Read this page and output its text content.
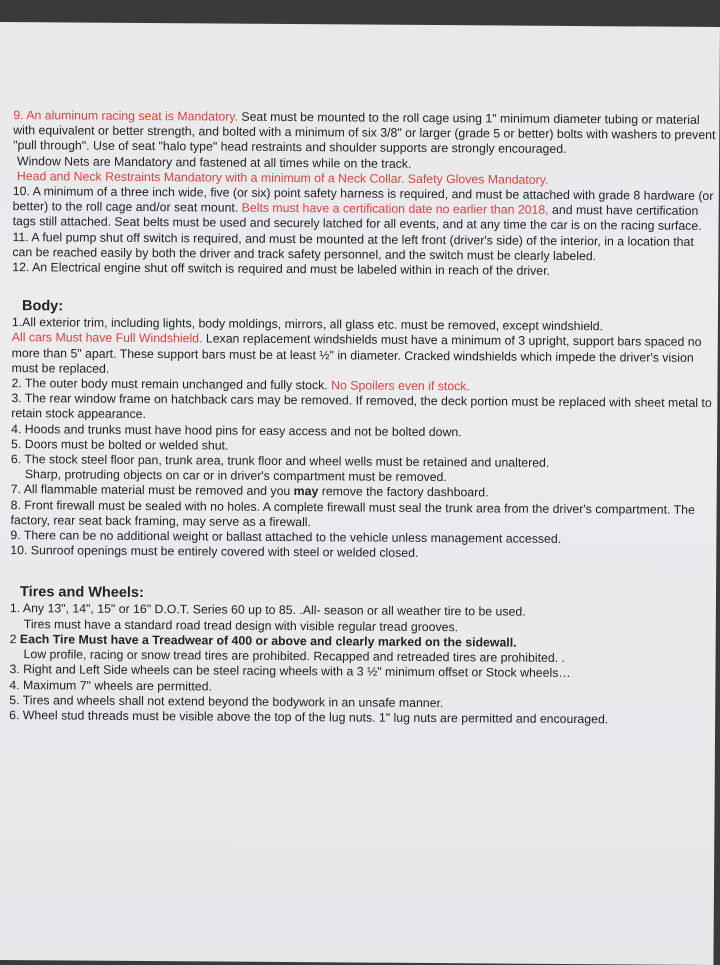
9. An aluminum racing seat is Mandatory. Seat must be mounted to the roll cage using 1" minimum diameter tubing or material with equivalent or better strength, and bolted with a minimum of six 3/8" or larger (grade 5 or better) bolts with washers to prevent "pull through". Use of seat "halo type" head restraints and shoulder supports are strongly encouraged.

Window Nets are Mandatory and fastened at all times while on the track.

Head and Neck Restraints Mandatory with a minimum of a Neck Collar. Safety Gloves Mandatory.

10. A minimum of a three inch wide, five (or six) point safety harness is required, and must be attached with grade 8 hardware (or better) to the roll cage and/or seat mount. Belts must have a certification date no earlier than 2018, and must have certification tags still attached. Seat belts must be used and securely latched for all events, and at any time the car is on the racing surface.

11. A fuel pump shut off switch is required, and must be mounted at the left front (driver's side) of the interior, in a location that can be reached easily by both the driver and track safety personnel, and the switch must be clearly labeled.

12. An Electrical engine shut off switch is required and must be labeled within in reach of the driver.

Body:

1.All exterior trim, including lights, body moldings, mirrors, all glass etc. must be removed, except windshield.

All cars Must have Full Windshield. Lexan replacement windshields must have a minimum of 3 upright, support bars spaced no more than 5" apart. These support bars must be at least ½" in diameter. Cracked windshields which impede the driver's vision must be replaced.

2. The outer body must remain unchanged and fully stock. No Spoilers even if stock.

3. The rear window frame on hatchback cars may be removed. If removed, the deck portion must be replaced with sheet metal to retain stock appearance.

4. Hoods and trunks must have hood pins for easy access and not be bolted down.

5. Doors must be bolted or welded shut.

6. The stock steel floor pan, trunk area, trunk floor and wheel wells must be retained and unaltered.

Sharp, protruding objects on car or in driver's compartment must be removed.

7. All flammable material must be removed and you may remove the factory dashboard.

8. Front firewall must be sealed with no holes. A complete firewall must seal the trunk area from the driver's compartment. The factory, rear seat back framing, may serve as a firewall.

9. There can be no additional weight or ballast attached to the vehicle unless management accessed.

10. Sunroof openings must be entirely covered with steel or welded closed.

Tires and Wheels:

1. Any 13", 14", 15" or 16" D.O.T. Series 60 up to 85. .All- season or all weather tire to be used.

Tires must have a standard road tread design with visible regular tread grooves.

2 Each Tire Must have a Treadwear of 400 or above and clearly marked on the sidewall.

Low profile, racing or snow tread tires are prohibited. Recapped and retreaded tires are prohibited. .

3. Right and Left Side wheels can be steel racing wheels with a 3 ½" minimum offset or Stock wheels…

4. Maximum 7" wheels are permitted.

5. Tires and wheels shall not extend beyond the bodywork in an unsafe manner.

6. Wheel stud threads must be visible above the top of the lug nuts. 1" lug nuts are permitted and encouraged.
